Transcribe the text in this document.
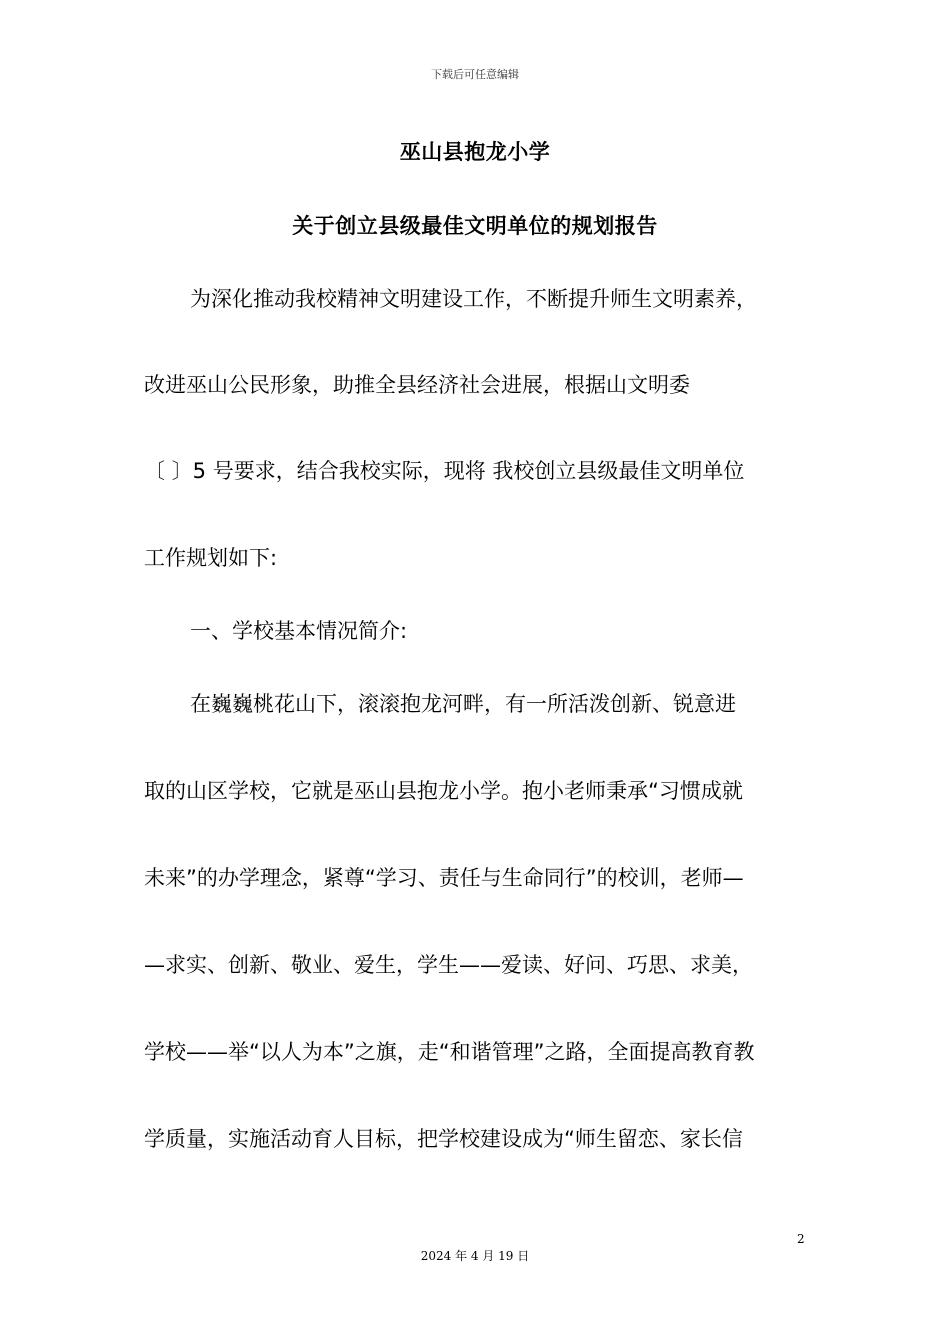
下载后可任意编辑
巫山县抱龙小学
关于创立县级最佳文明单位的规划报告
为深化推动我校精神文明建设工作，不断提升师生文明素养，
改进巫山公民形象，助推全县经济社会进展，根据山文明委
〔 〕5 号要求，结合我校实际，现将 我校创立县级最佳文明单位
工作规划如下:
一、学校基本情况简介:
在巍巍桃花山下，滚滚抱龙河畔，有一所活泼创新、锐意进
取的山区学校，它就是巫山县抱龙小学。抱小老师秉承“习惯成就
未来”的办学理念，紧尊“学习、责任与生命同行”的校训，老师—
—求实、创新、敬业、爱生，学生——爱读、好问、巧思、求美，
学校——举“以人为本”之旗，走“和谐管理”之路，全面提高教育教
学质量，实施活动育人目标，把学校建设成为“师生留恋、家长信
2
2024 年 4 月 19 日
